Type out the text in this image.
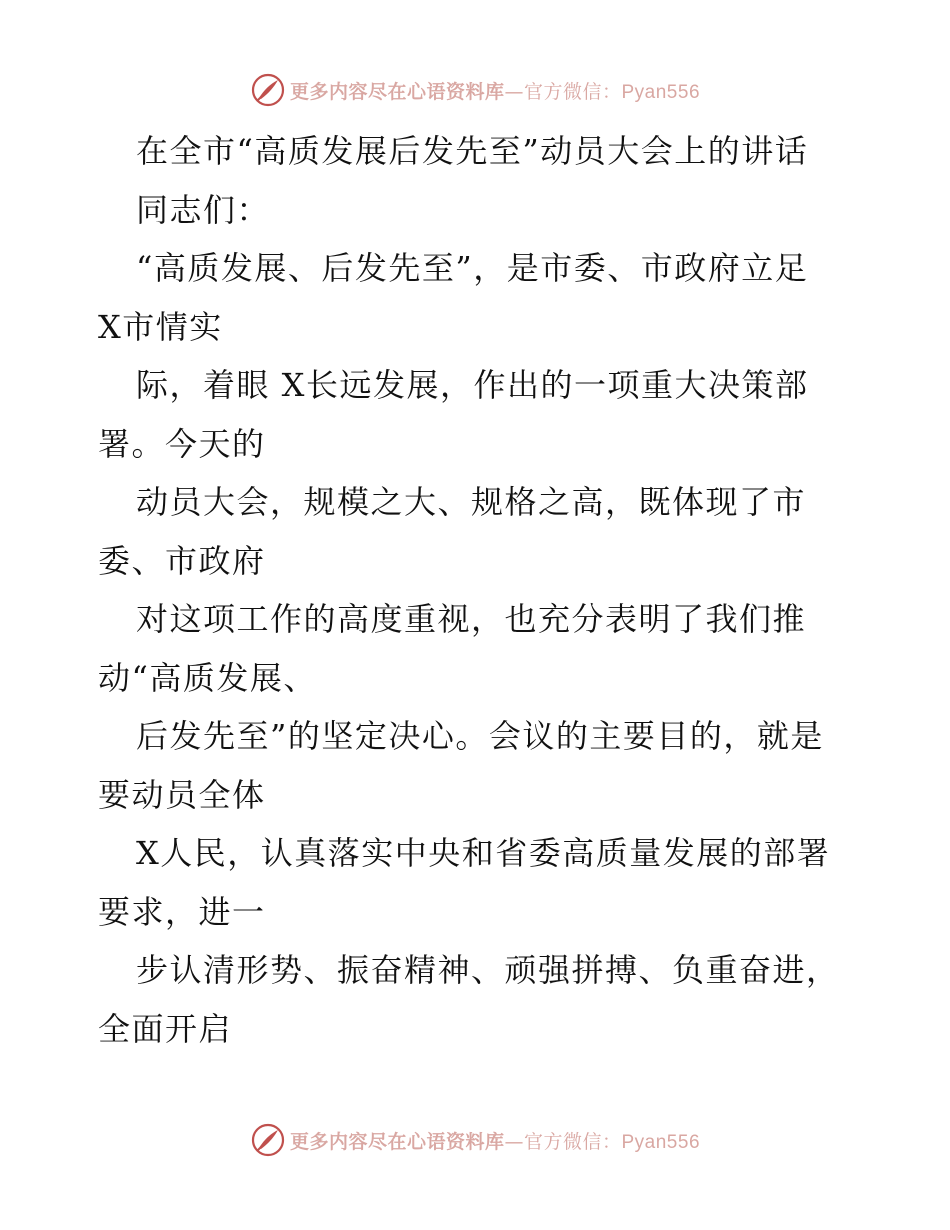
更多内容尽在心语资料库—官方微信：Pyan556
在全市“高质发展后发先至”动员大会上的讲话
同志们：
“高质发展、后发先至”，是市委、市政府立足
X市情实
际，着眼 X长远发展，作出的一项重大决策部
署。今天的
动员大会，规模之大、规格之高，既体现了市
委、市政府
对这项工作的高度重视，也充分表明了我们推
动“高质发展、
后发先至”的坚定决心。会议的主要目的，就是
要动员全体
X人民，认真落实中央和省委高质量发展的部署
要求，进一
步认清形势、振奋精神、顽强拼搏、负重奋进，
全面开启
更多内容尽在心语资料库—官方微信：Pyan556
